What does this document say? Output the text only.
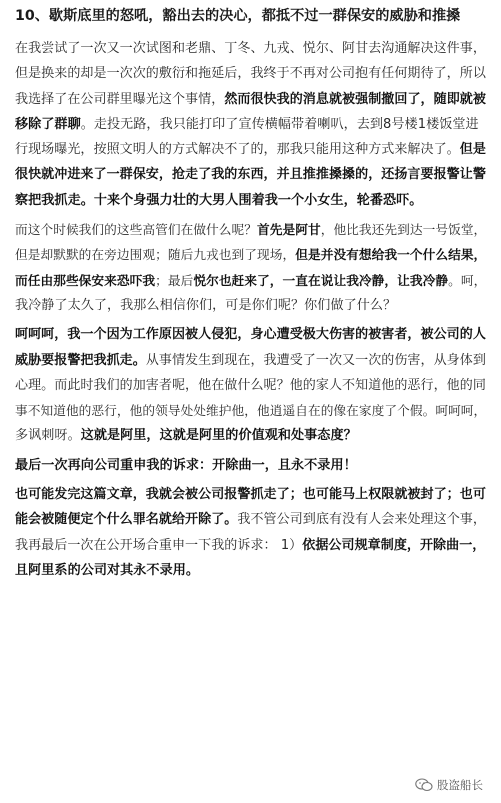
10、歇斯底里的怒吼，豁出去的决心，都抵不过一群保安的威胁和推搡
在我尝试了一次又一次试图和老鼎、丁冬、九戎、悦尔、阿甘去沟通解决这件事，
但是换来的却是一次次的敷衍和拖延后，我终于不再对公司抱有任何期待了，所以
我选择了在公司群里曝光这个事情，然而很快我的消息就被强制撤回了，随即就被
移除了群聊。走投无路，我只能打印了宣传横幅带着喇叭，去到8号楼1楼饭堂进
行现场曝光，按照文明人的方式解决不了的，那我只能用这种方式来解决了。但是
很快就冲进来了一群保安，抢走了我的东西，并且推推搡搡的，还扬言要报警让警
察把我抓走。十来个身强力壮的大男人围着我一个小女生，轮番恐吓。
而这个时候我们的这些高管们在做什么呢？首先是阿甘，他比我还先到达一号饭堂，
但是却默默的在旁边围观；随后九戎也到了现场，但是并没有想给我一个什么结果，
而任由那些保安来恐吓我；最后悦尔也赶来了，一直在说让我冷静，让我冷静。呵，
我冷静了太久了，我那么相信你们，可是你们呢？你们做了什么？
呵呵呵，我一个因为工作原因被人侵犯，身心遭受极大伤害的被害者，被公司的人
威胁要报警把我抓走。从事情发生到现在，我遭受了一次又一次的伤害，从身体到
心理。而此时我们的加害者呢，他在做什么呢？他的家人不知道他的恶行，他的同
事不知道他的恶行，他的领导处处维护他，他逍遥自在的像在家度了个假。呵呵呵，
多讽刺呀。这就是阿里，这就是阿里的价值观和处事态度？
最后一次再向公司重申我的诉求：开除曲一，且永不录用！
也可能发完这篇文章，我就会被公司报警抓走了；也可能马上权限就被封了；也可
能会被随便定个什么罪名就给开除了。我不管公司到底有没有人会来处理这个事，
我再最后一次在公开场合重申一下我的诉求： 1）依据公司规章制度，开除曲一，
且阿里系的公司对其永不录用。
股盗船长
